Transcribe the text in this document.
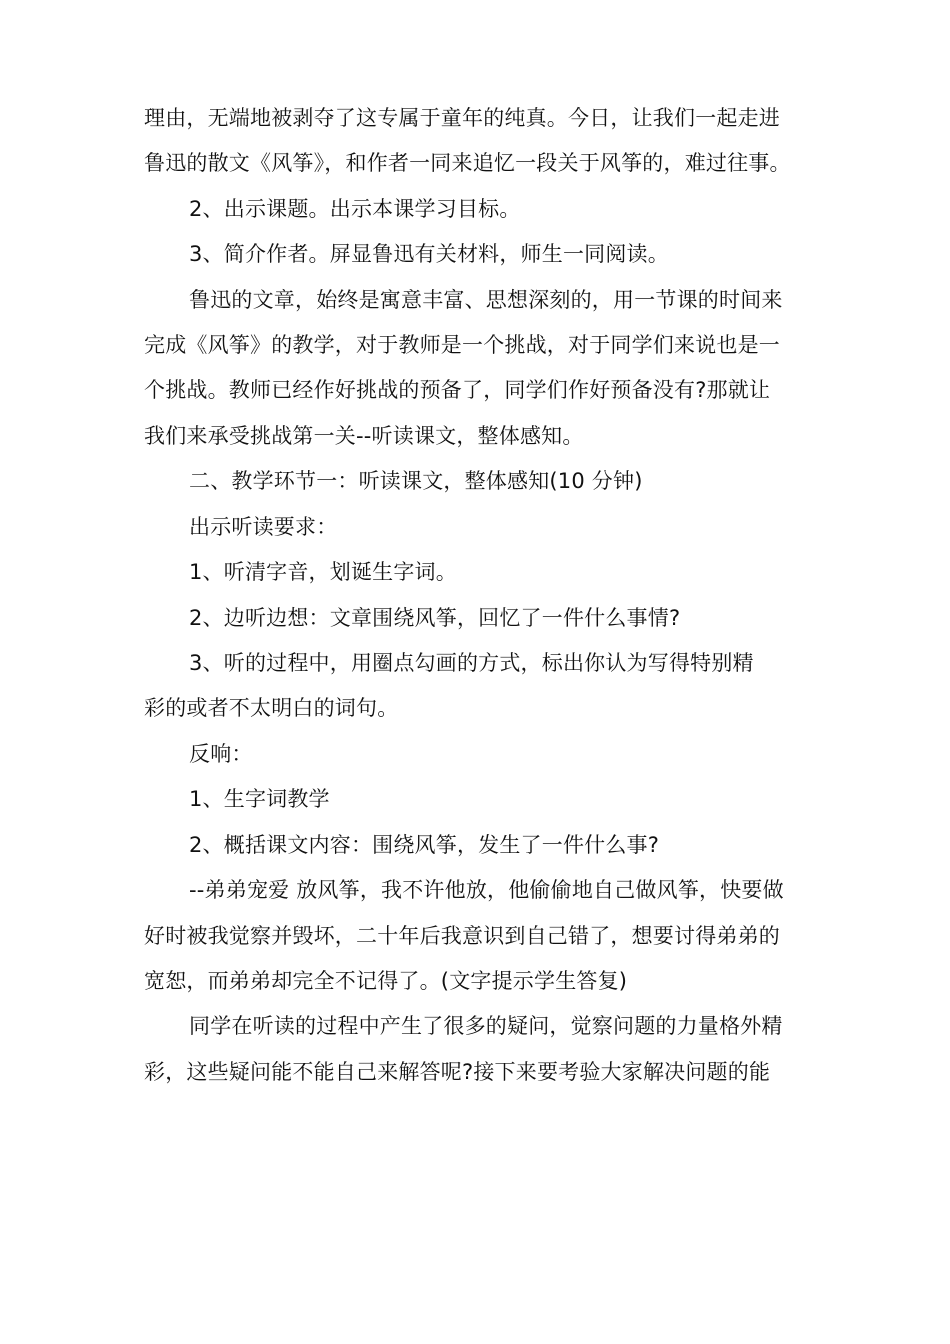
理由，无端地被剥夺了这专属于童年的纯真。今日，让我们一起走进
鲁迅的散文《风筝》，和作者一同来追忆一段关于风筝的，难过往事。
2、出示课题。出示本课学习目标。
3、简介作者。屏显鲁迅有关材料，师生一同阅读。
鲁迅的文章，始终是寓意丰富、思想深刻的，用一节课的时间来
完成《风筝》的教学，对于教师是一个挑战，对于同学们来说也是一
个挑战。教师已经作好挑战的预备了，同学们作好预备没有?那就让
我们来承受挑战第一关--听读课文，整体感知。
二、教学环节一：听读课文，整体感知(10 分钟)
出示听读要求：
1、听清字音，划诞生字词。
2、边听边想：文章围绕风筝，回忆了一件什么事情?
3、听的过程中，用圈点勾画的方式，标出你认为写得特别精
彩的或者不太明白的词句。
反响：
1、生字词教学
2、概括课文内容：围绕风筝，发生了一件什么事?
--弟弟宠爱 放风筝，我不许他放，他偷偷地自己做风筝，快要做
好时被我觉察并毁坏，二十年后我意识到自己错了，想要讨得弟弟的
宽恕，而弟弟却完全不记得了。(文字提示学生答复)
同学在听读的过程中产生了很多的疑问，觉察问题的力量格外精
彩，这些疑问能不能自己来解答呢?接下来要考验大家解决问题的能
